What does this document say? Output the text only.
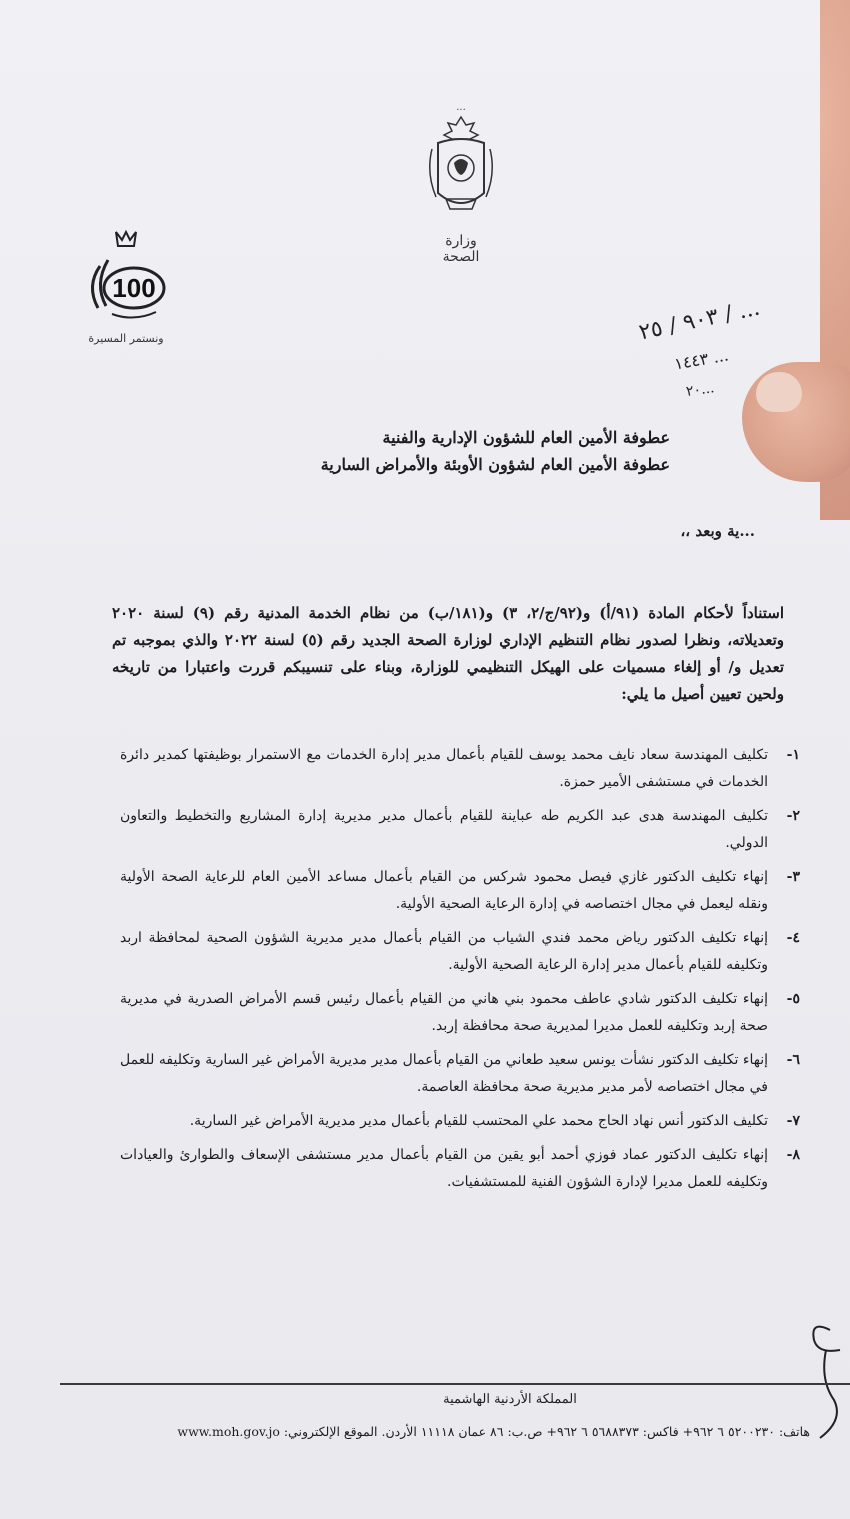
...
وزارة الصحة
100
ونستمر المسيرة	٩٠٣ / ٢٥ / ...
١٤٤٣ ...
٢٠...
عطوفة الأمين العام للشؤون الإدارية والفنية
عطوفة الأمين العام لشؤون الأوبئة والأمراض السارية
...ية وبعد ،،
استناداً لأحكام المادة (٩١/أ) و(٩٢/ج/٢، ٣) و(١٨١/ب) من نظام الخدمة المدنية رقم (٩) لسنة ٢٠٢٠ وتعديلاته، ونظرا لصدور نظام التنظيم الإداري لوزارة الصحة الجديد رقم (٥) لسنة ٢٠٢٢ والذي بموجبه تم تعديل و/ أو إلغاء مسميات على الهيكل التنظيمي للوزارة، وبناء على تنسيبكم قررت واعتبارا من تاريخه ولحين تعيين أصيل ما يلي:
١-
تكليف المهندسة سعاد نايف محمد يوسف للقيام بأعمال مدير إدارة الخدمات مع الاستمرار بوظيفتها كمدير دائرة الخدمات في مستشفى الأمير حمزة.
٢-
تكليف المهندسة هدى عبد الكريم طه عباينة للقيام بأعمال مدير مديرية إدارة المشاريع والتخطيط والتعاون الدولي.
٣-
إنهاء تكليف الدكتور غازي فيصل محمود شركس من القيام بأعمال مساعد الأمين العام للرعاية الصحة الأولية ونقله ليعمل في مجال اختصاصه في إدارة الرعاية الصحية الأولية.
٤-
إنهاء تكليف الدكتور رياض محمد فندي الشياب من القيام بأعمال مدير مديرية الشؤون الصحية لمحافظة اربد وتكليفه للقيام بأعمال مدير إدارة الرعاية الصحية الأولية.
٥-
إنهاء تكليف الدكتور شادي عاطف محمود بني هاني من القيام بأعمال رئيس قسم الأمراض الصدرية في مديرية صحة إربد وتكليفه للعمل مديرا لمديرية صحة محافظة إربد.
٦-
إنهاء تكليف الدكتور نشأت يونس سعيد طعاني من القيام بأعمال مدير مديرية الأمراض غير السارية وتكليفه للعمل في مجال اختصاصه لأمر مدير مديرية صحة محافظة العاصمة.
٧-
تكليف الدكتور أنس نهاد الحاج محمد علي المحتسب للقيام بأعمال مدير مديرية الأمراض غير السارية.
٨-
إنهاء تكليف الدكتور عماد فوزي أحمد أبو يقين من القيام بأعمال مدير مستشفى الإسعاف والطوارئ والعيادات وتكليفه للعمل مديرا لإدارة الشؤون الفنية للمستشفيات.
المملكة الأردنية الهاشمية
هاتف: ٥٢٠٠٢٣٠ ٦ ٩٦٢+ فاكس: ٥٦٨٨٣٧٣ ٦ ٩٦٢+ ص.ب: ٨٦ عمان ١١١١٨ الأردن. الموقع الإلكتروني: www.moh.gov.jo
